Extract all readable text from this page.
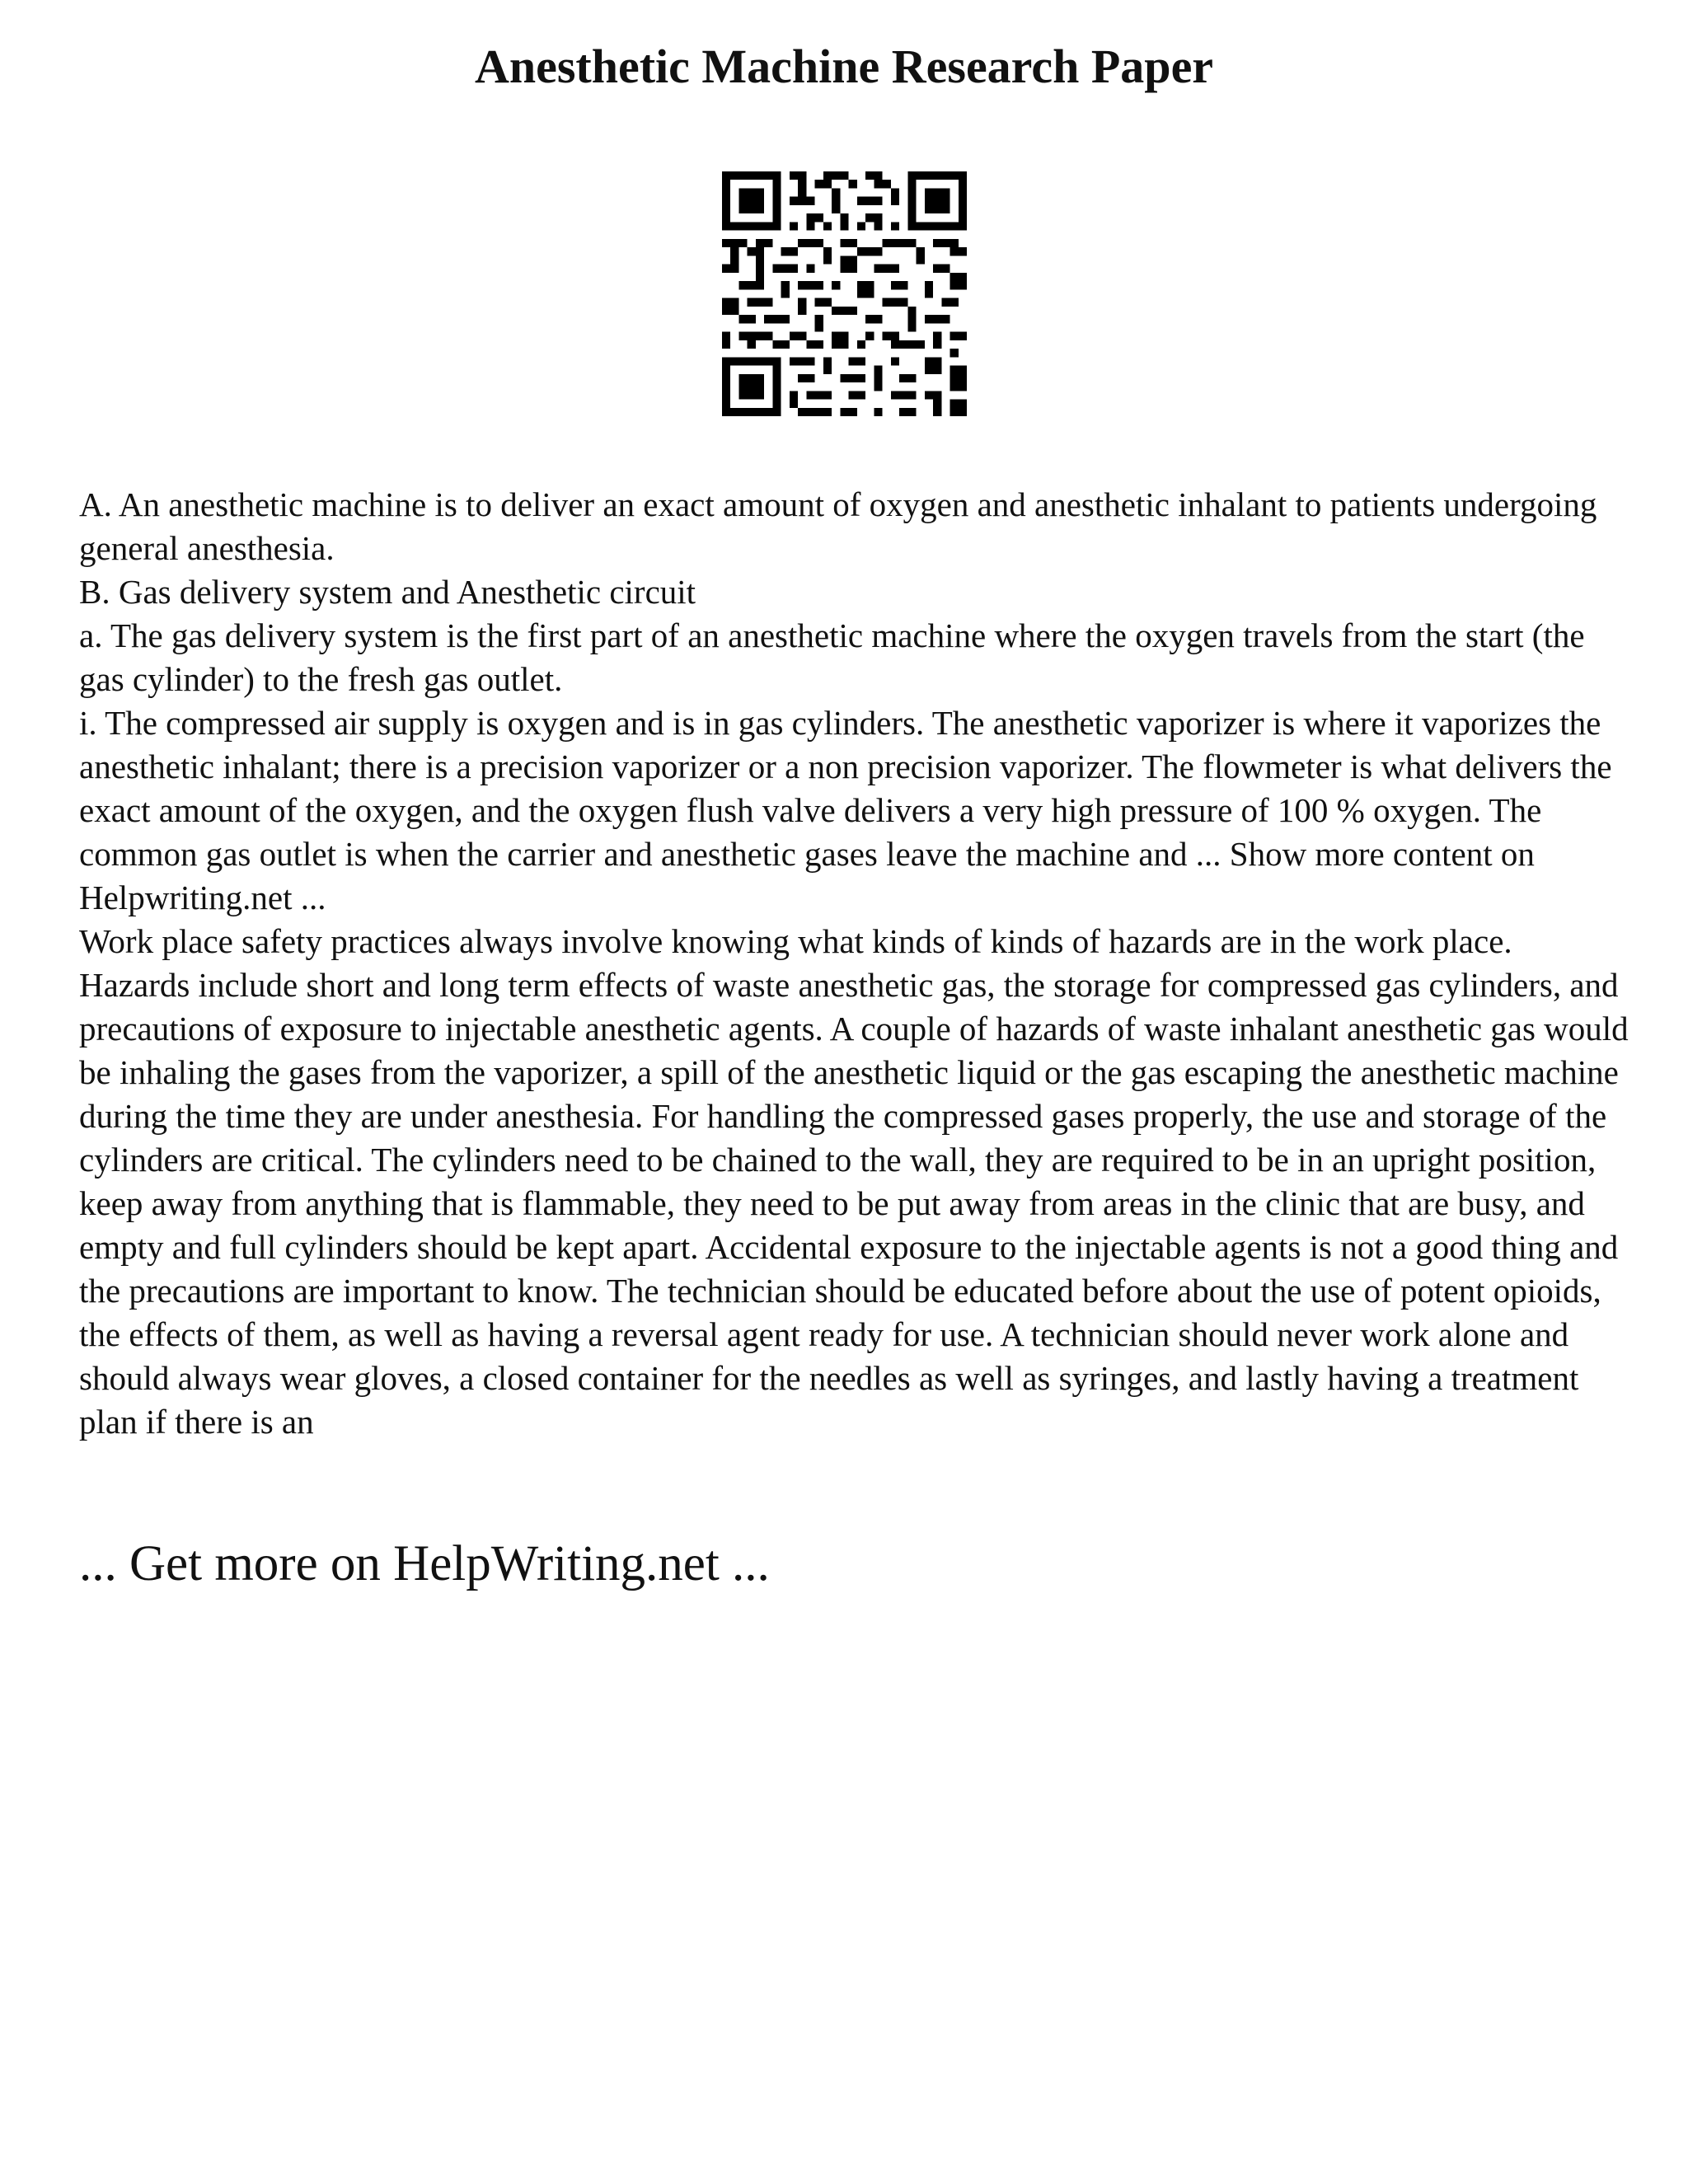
Anesthetic Machine Research Paper

A. An anesthetic machine is to deliver an exact amount of oxygen and anesthetic inhalant to patients undergoing general anesthesia.

B. Gas delivery system and Anesthetic circuit

a. The gas delivery system is the first part of an anesthetic machine where the oxygen travels from the start (the gas cylinder) to the fresh gas outlet.

i. The compressed air supply is oxygen and is in gas cylinders. The anesthetic vaporizer is where it vaporizes the anesthetic inhalant; there is a precision vaporizer or a non precision vaporizer. The flowmeter is what delivers the exact amount of the oxygen, and the oxygen flush valve delivers a very high pressure of 100 % oxygen. The common gas outlet is when the carrier and anesthetic gases leave the machine and ... Show more content on Helpwriting.net ...

Work place safety practices always involve knowing what kinds of kinds of hazards are in the work place. Hazards include short and long term effects of waste anesthetic gas, the storage for compressed gas cylinders, and precautions of exposure to injectable anesthetic agents. A couple of hazards of waste inhalant anesthetic gas would be inhaling the gases from the vaporizer, a spill of the anesthetic liquid or the gas escaping the anesthetic machine during the time they are under anesthesia. For handling the compressed gases properly, the use and storage of the cylinders are critical. The cylinders need to be chained to the wall, they are required to be in an upright position, keep away from anything that is flammable, they need to be put away from areas in the clinic that are busy, and empty and full cylinders should be kept apart. Accidental exposure to the injectable agents is not a good thing and the precautions are important to know. The technician should be educated before about the use of potent opioids, the effects of them, as well as having a reversal agent ready for use. A technician should never work alone and should always wear gloves, a closed container for the needles as well as syringes, and lastly having a treatment plan if there is an

... Get more on HelpWriting.net ...
